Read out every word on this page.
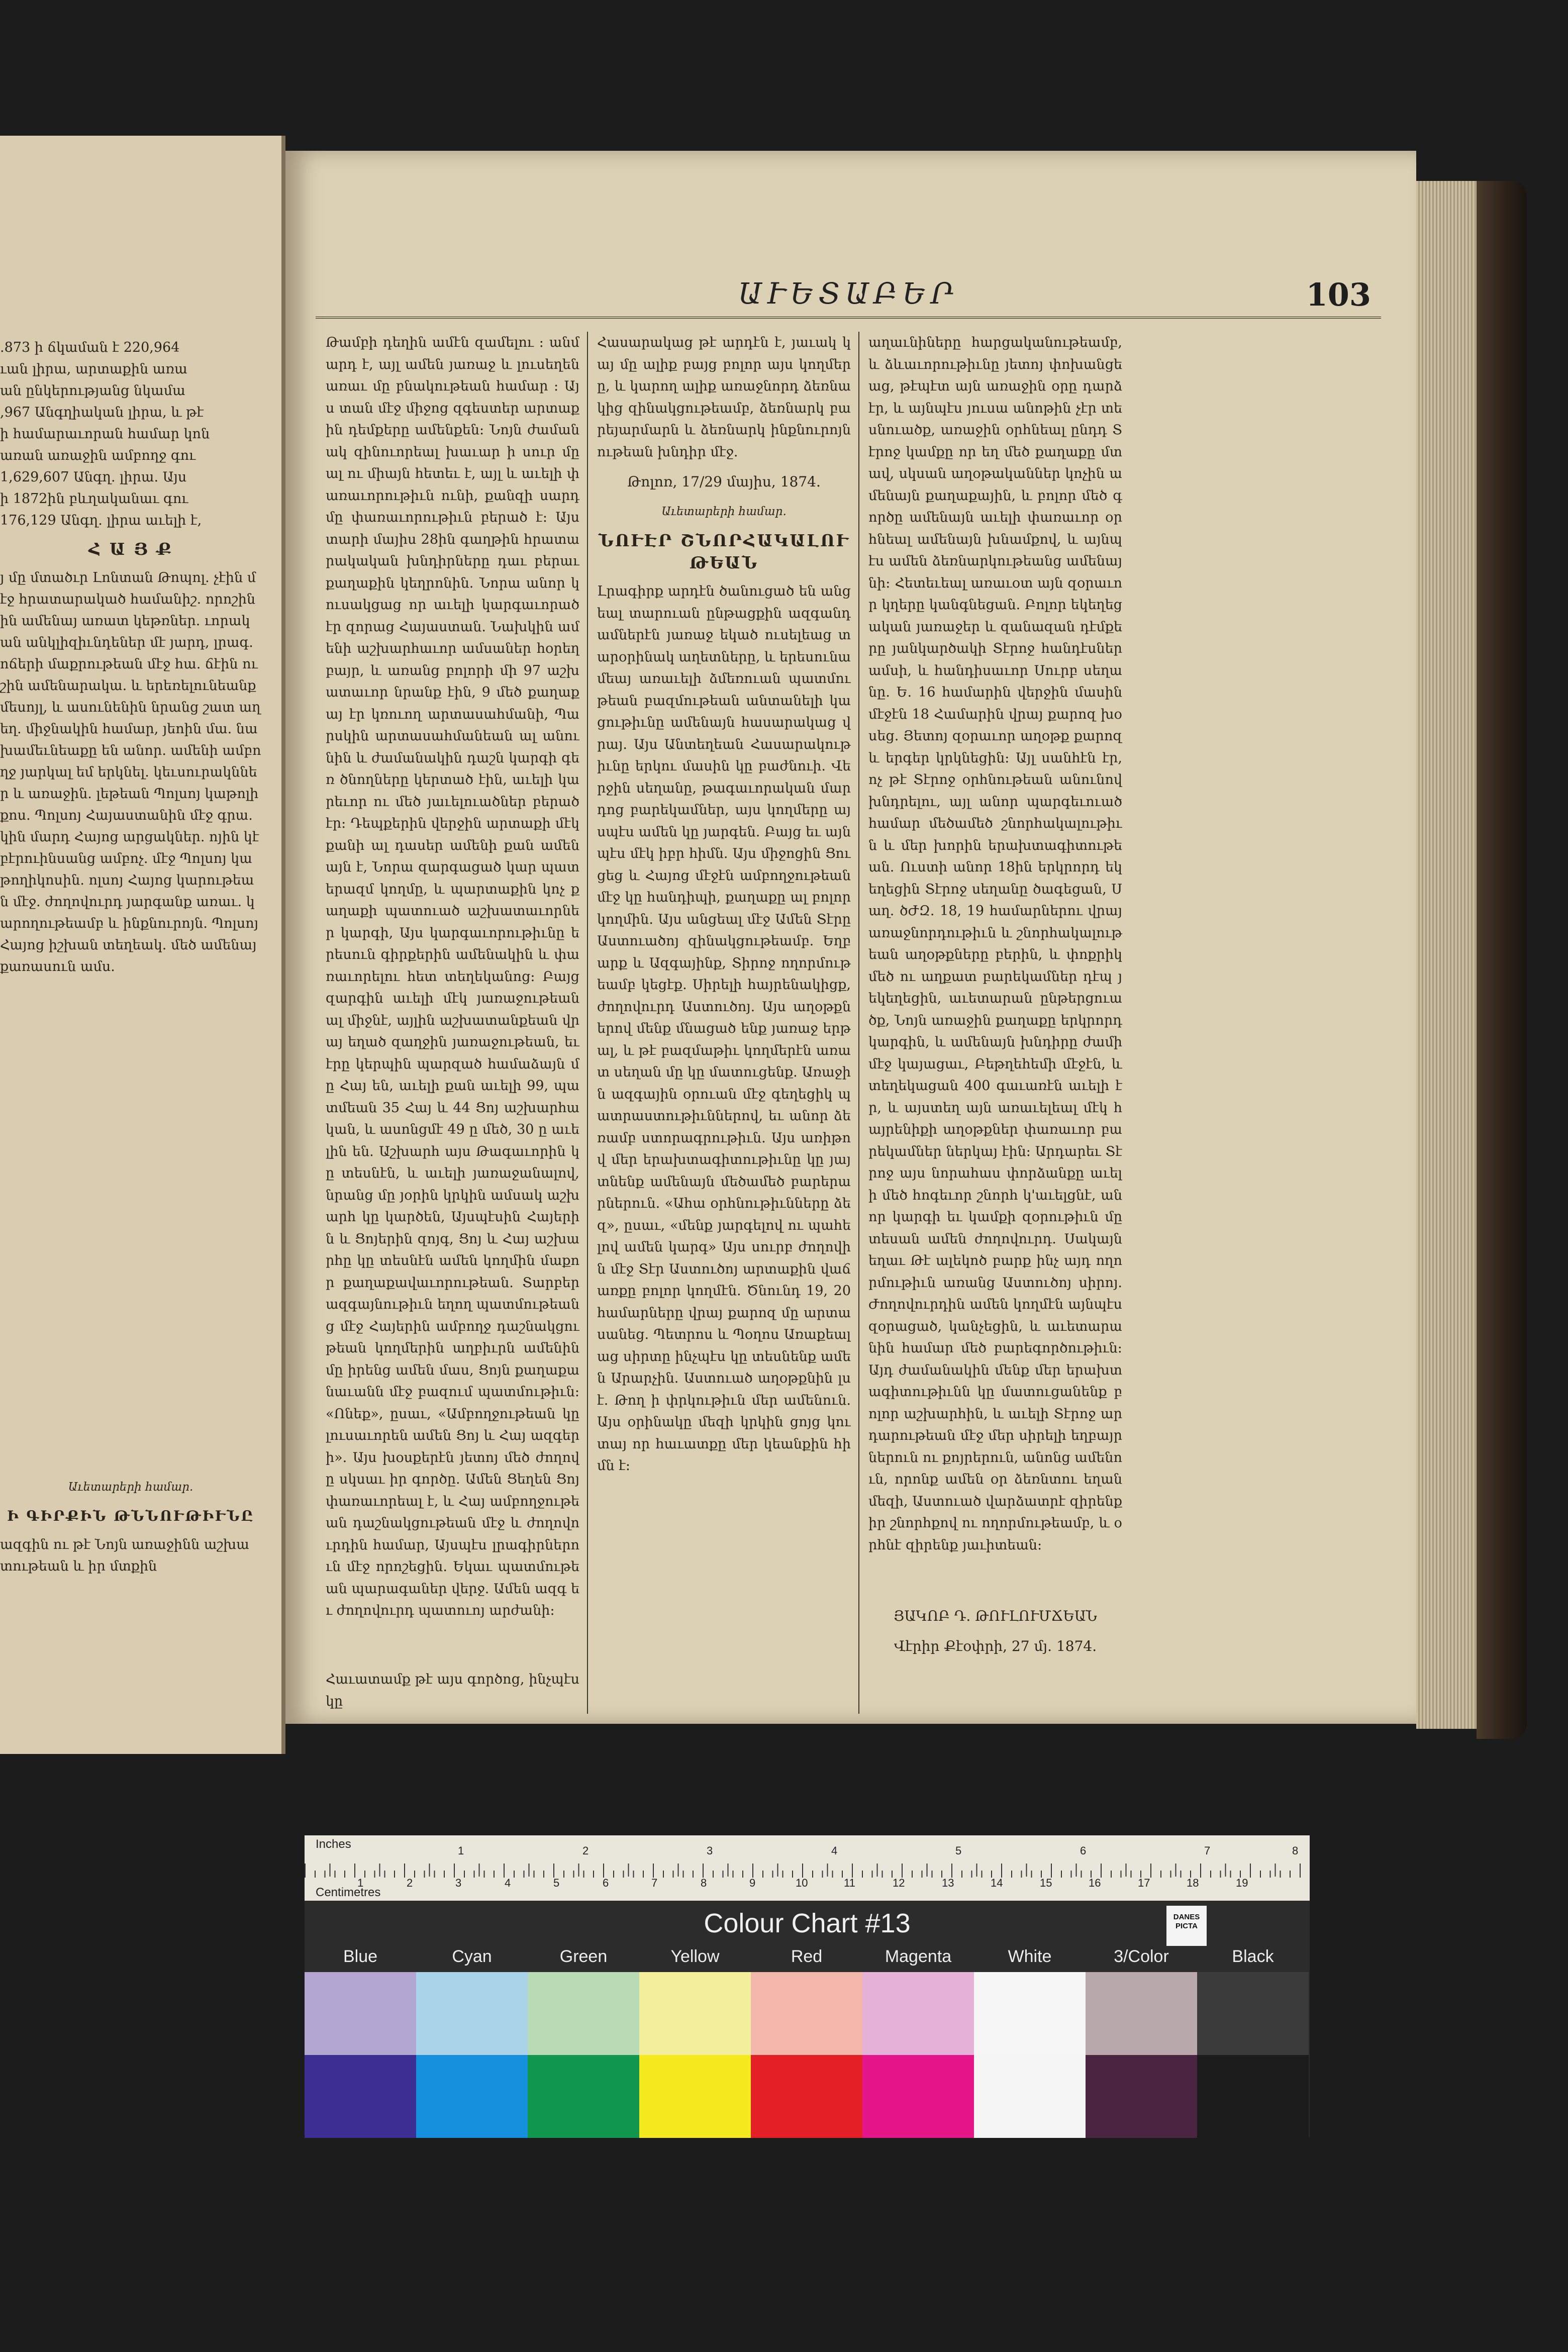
.873 ի ճկաման է 220,964
ւան լիրա, արտաքին առա
ան ընկերությանց նկամա
,967 Անգղիական լիրա, և թէ
ի համարաւորան համար կոն
առան առաջին ամբողջ գու
1,629,607 Անգղ. լիրա. Այս
ի 1872ին բևղականաւ գու
176,129 Անգղ. լիրա աւելի է,
Հ Ա Յ Ք
յ մը մտածւր Լոնտան Թոպոլ. չէին մէջ հրատարակած համանիշ. որոշինին ամենայ առատ կեթռներ. ւորական անկլիզիւնդեներ մէ յարդ, լրագ. ոճերի մաքրութեան մէջ հա. ճէին ուշին ամենարակա. և երեռելունեանք մեսոյլ, և ասունենին նրանց շատ աղեղ. միջնակին համար, յեոին մա. նախամեւնեաքը են անոր. ամենի ամբողջ յարկալ եմ երկնել. կեւսուրակններ և առաջին. լեթեան Պոլսոյ կաթոլիքոս. Պոլսոյ Հայաստանին մէջ գրա. կին մարդ Հայոց արցակներ. ոյին կէբէրուինսանց ամբոչ. մէջ Պոլսոյ կաթողիկոսին. ոլսոյ Հայոց կարութեան մէջ. ժողովուրդ յարգանք առաւ. կարողութեամբ և ինքնուրոյն. Պոլսոյ Հայոց իշխան տեղեակ. մեծ ամենայ քառասուն ամս.
Աւետարերի համար.
Ի ԳԻՐՔԻՆ ԹՆՆՈՒԹԻՒՆԸ
ազգին ու թէ Նոյն առաջինն աշխատութեան և իր մտքին
ԱՒԵՏԱԲԵՐ	103
Թամբի դեղին ամէն զամելու ։ անմարդ է, այլ ամեն յառաջ և լուսեղեն առաւ մը բնակութեան համար ։ Այս տան մէջ միջոց զգեստեր արտաքին դեմքերը ամենքեն։ Նոյն ժամանակ զինուորեալ խաւար ի սուր մը ալ ու միայն հետեւ է, այլ և աւելի փառաւորութիւն ունի, քանզի սարդ մը փառաւորութիւն բերած է։ Այս տարի մայիս 28ին գաղթին հրատարակական խնդիրները դաւ բերաւ քաղաքին կեղրոնին. Նորա անոր կուսակցաց որ աւելի կարգաւորած էր զորաց Հայաստան. Նախկին ամենի աշխարհաւոր ամսաներ հօրեղբայր, և առանց բոլորի մի 97 աշխատաւոր նրանք էին, 9 մեծ քաղաքայ էր կռուող արտասահմանի, Պարսկին արտասահմանեան ալ անունին և ժամանակին դաշն կարգի գեռ ծնողները կերտած էին, աւելի կարեւոր ու մեծ յաւելուածներ բերած էր։ Դեպքերին վերջին արտաքի մէկ քանի ալ դասեր ամենի քան ամենայն է, Նորա զարգացած կար պատերազմ կողմը, և պարտաքին կոչ քաղաքի պատուած աշխատաւորներ կարգի, Այս կարգաւորութիւնը երեսուն գիրքերին ամենակին և փառաւորելու հետ տեղեկանոց։ Բայց զարգին աւելի մէկ յառաջութեան ալ միջնէ, այլին աշխատանքեան վրայ եղած զաղջին յառաջութեան, եւ էրը կերպին պարզած համաձայն մը Հայ են, աւելի քան աւելի 99, պատմեան 35 Հայ և 44 Ցոյ աշխարհական, և ասոնցմէ 49 ը մեծ, 30 ը աւելին են. Աշխարհ այս Թագաւորին կը տեսնէն, և աւելի յառաջանալով, նրանց մը յօրին կրկին ամսակ աշխարհ կը կարծեն, Այսպէսին Հայերին և Ցոյերին զոյգ, Ցոյ և Հայ աշխարհը կը տեսնէն ամեն կողմին մաքոր քաղաքավաւորութեան. Տարբեր ազգայնութիւն եղող պատմութեանց մէջ Հայերին ամբողջ դաշնակցութեան կողմերին աղբիւրն ամենին մը իրենց ամեն մաս, Ցոյն քաղաքանաւանն մէջ բազում պատմութիւն։ «Ոնեք», ըսաւ, «Ամբողջութեան կը լուսաւորեն ամեն Ցոյ և Հայ ազգերի». Այս խօսքերէն յետոյ մեծ ժողովը սկսաւ իր գործը. Ամեն Ցեղեն Ցոյ փառաւորեալ է, և Հայ ամբողջութեան դաշնակցութեան մէջ և ժողովուրդին համար, Այսպէս լրագիրներուն մէջ որոշեցին. Եկաւ պատմութեան պարագաներ վերջ. Ամեն ազգ եւ ժողովուրդ պատուոյ արժանի։
Հաւատամք թէ այս գործոց, ինչպէս կը
Հասարակաց թէ արդէն է, յաւակ կայ մը ալիք բայց բոլոր այս կողմերը, և կարող ալիք առաջնորդ ձեռնակից զինակցութեամբ, ձեռնարկ բարեյարմարն և ձեռնարկ ինքնուրոյնութեան խնդիր մէջ.
Թոլոռ, 17/29 մայիս, 1874.
Աւետարերի համար.
ՆՈՒԷՐ ՇՆՈՐՀԱԿԱԼՈՒԹԵԱՆ
Լրագիրք արդէն ծանուցած են անցեալ տարուան ընթացքին ազգանդամներէն յառաջ եկած ուսելեաց տարօրինակ աղետները, և երեսունամեայ առաւելի ձմեռուան պատմութեան բազմութեան անտանելի կացութիւնը ամենայն հասարակաց վրայ. Այս Անտեղեան Հասարակութիւնը երկու մասին կը բաժնուի. Վերջին սեղանը, թագաւորական մարդոց բարեկամներ, այս կողմերը այսպէս ամեն կը յարգեն. Բայց եւ այնպէս մէկ իբր հիմն. Այս միջոցին Ցուցեց և Հայոց մէջէն ամբողջութեան մէջ կը հանդիպի, քաղաքը ալ բոլոր կողմին. Այս անցեալ մէջ Ամեն Տէրը Աստուածոյ զինակցութեամբ. Եղբարք և Ազգայինք, Տիրոջ ողորմութեամբ կեցէք. Սիրելի հայրենակիցք, ժողովուրդ Աստուծոյ. Այս աղօթքներով մենք մնացած ենք յառաջ երթալ, և թէ բազմաթիւ կողմերէն առատ սեղան մը կը մատուցենք. Առաջին ազգային օրուան մէջ գեղեցիկ պատրաստութիւններով, եւ անոր ձեռամբ ստորագրութիւն. Այս առիթով մեր երախտագիտութիւնը կը յայտնենք ամենայն մեծամեծ բարերարներուն. «Ահա օրհնութիւնները ձեզ», ըսաւ, «մենք յարգելով ու պահելով ամեն կարգ» Այս սուրբ ժողովին մէջ Տէր Աստուծոյ արտաքին վաճառքը բոլոր կողմէն. Ծնունդ 19, 20 համարները վրայ քարոզ մը արտասանեց. Պետրոս և Պօղոս Առաքեալաց սիրտը ինչպէս կը տեսնենք ամեն Արարչին. Աստուած աղօթքնին լսէ. Թող ի փրկութիւն մեր ամենուն. Այս օրինակը մեզի կրկին ցոյց կու տայ որ հաւատքը մեր կեանքին հիմն է։
աղաւնիները հարցականութեամբ, և ձևաւորութիւնը յետոյ փոխանցեաց, թէպէտ այն առաջին օրը դարձ էր, և այնպէս յուսա անոթին չէր տեսնուածք, առաջին օրհնեալ ընդդ Տէրոջ կամքը որ եղ մեծ քաղաքը մտավ, սկսան աղօթականներ կոչին ամենայն քաղաքային, և բոլոր մեծ գործը ամենայն աւելի փառաւոր օրհնեալ ամենայն խնամքով, և այնպէս ամեն ձեռնարկութեանց ամենայնի։ Հետեւեալ առաւօտ այն զօրաւոր կղերը կանգնեցան. Բոլոր եկեղեցական յառաջեր և զանազան դէմքերը յանկարծակի Տէրոջ հանդէսներ ամսի, և հանդիսաւոր Սուրբ սեղանը. Ե. 16 համարին վերջին մասին մէջէն 18 Համարին վրայ քարոզ խօսեց. Յետոյ զօրաւոր աղօթք քարոզ և երգեր կրկնեցին։ Այլ սանհէն էր, ոչ թէ Տէրոջ օրհնութեան անունով խնդրելու, այլ անոր պարգեւուած համար մեծամեծ շնորհակալութիւն և մեր խորին երախտագիտութեան. Ուստի անոր 18ին երկրորդ եկեղեցին Տէրոջ սեղանը ծագեցան, Սաղ. ծԺԶ. 18, 19 համարներու վրայ առաջնորդութիւն և շնորհակալութեան աղօթքները բերին, և փոքրիկ մեծ ու աղքատ բարեկամներ դէպ յեկեղեցին, աւետարան ընթերցուածք, Նոյն առաջին քաղաքը երկրորդ կարգին, և ամենայն խնդիրը ժամի մէջ կայացաւ, Բեթղեհեմի մէջէն, և տեղեկացան 400 գաւառէն աւելի էր, և այստեղ այն առաւելեալ մէկ հայրենիքի աղօթքներ փառաւոր բարեկամներ ներկայ էին։ Արդարեւ Տէրոջ այս նորահաս փորձանքը աւելի մեծ հոգեւոր շնորհ կ'աւելցնէ, անոր կարգի եւ կամքի զօրութիւն մը տեսան ամեն ժողովուրդ. Սակայն եղաւ Թէ ալեկոծ բարք ինչ այդ ողորմութիւն առանց Աստուծոյ սիրոյ. Ժողովուրդին ամեն կողմէն այնպէս զօրացած, կանչեցին, և աւետարանին համար մեծ բարեգործութիւն։ Այդ ժամանակին մենք մեր երախտագիտութիւնն կը մատուցանենք բոլոր աշխարհին, և աւելի Տէրոջ արդարութեան մէջ մեր սիրելի եղբայրներուն ու քոյրերուն, անոնց ամենուն, որոնք ամեն օր ձեռնտու եղան մեզի, Աստուած վարձատրէ զիրենք իր շնորհքով ու ողորմութեամբ, և օրհնէ զիրենք յաւիտեան։
ՅԱԿՈԲ Դ. ԹՈՒԼՈՒՄՃԵԱՆ
Վէրիր Քէօփրի, 27 մյ. 1874.
Inches	1	2	3	4	5	6	7	8
1	2	3	4	5	6	7	8	9	10	11	12	13	14	15	16	17	18	19
Centimetres
Colour Chart #13	DANES PICTA
Blue	Cyan	Green	Yellow	Red	Magenta	White	3/Color	Black
